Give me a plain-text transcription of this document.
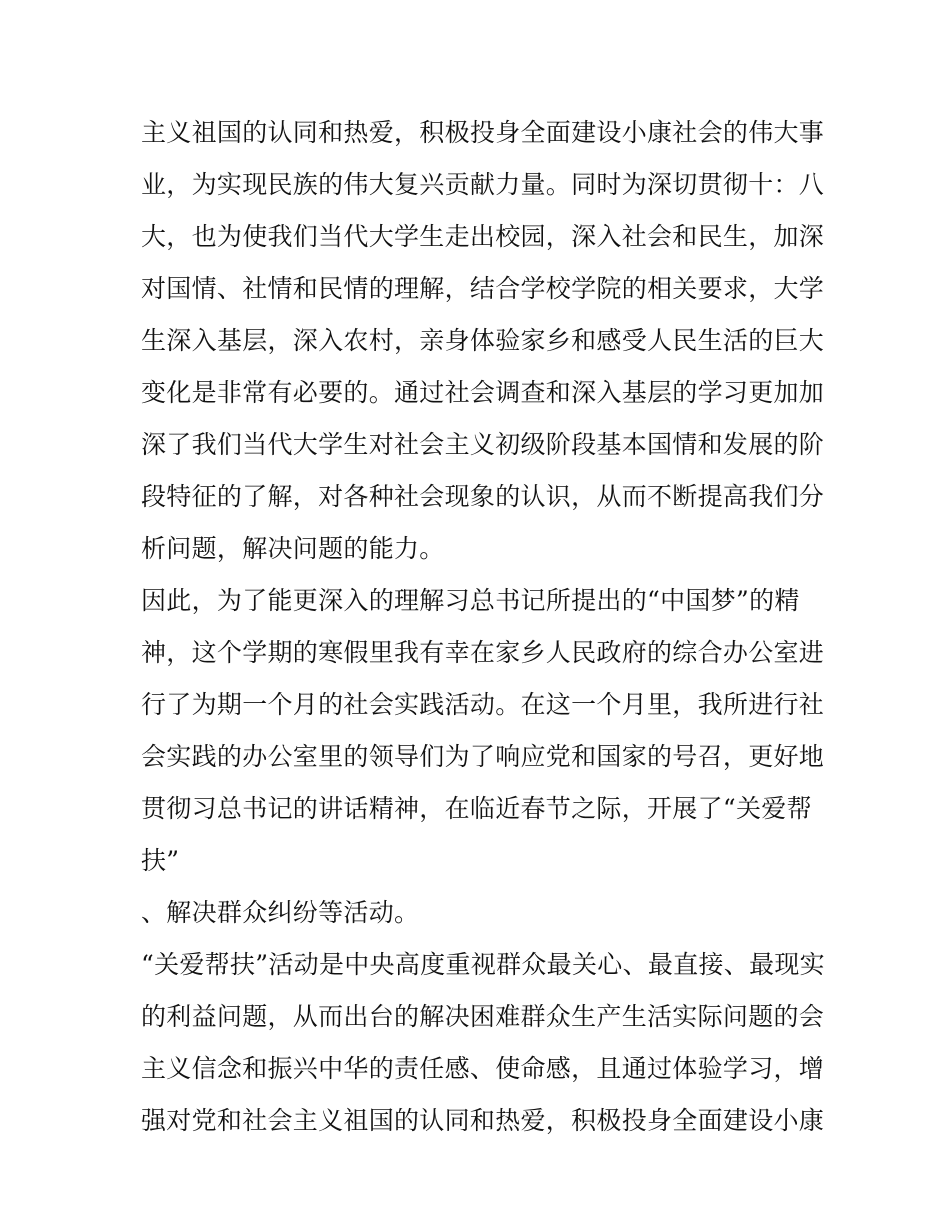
主义祖国的认同和热爱，积极投身全面建设小康社会的伟大事
业，为实现民族的伟大复兴贡献力量。同时为深切贯彻十：八
大，也为使我们当代大学生走出校园，深入社会和民生，加深
对国情、社情和民情的理解，结合学校学院的相关要求，大学
生深入基层，深入农村，亲身体验家乡和感受人民生活的巨大
变化是非常有必要的。通过社会调查和深入基层的学习更加加
深了我们当代大学生对社会主义初级阶段基本国情和发展的阶
段特征的了解，对各种社会现象的认识，从而不断提高我们分
析问题，解决问题的能力。
因此，为了能更深入的理解习总书记所提出的“中国梦”的精
神，这个学期的寒假里我有幸在家乡人民政府的综合办公室进
行了为期一个月的社会实践活动。在这一个月里，我所进行社
会实践的办公室里的领导们为了响应党和国家的号召，更好地
贯彻习总书记的讲话精神，在临近春节之际，开展了“关爱帮
扶”
、解决群众纠纷等活动。
“关爱帮扶”活动是中央高度重视群众最关心、最直接、最现实
的利益问题，从而出台的解决困难群众生产生活实际问题的会
主义信念和振兴中华的责任感、使命感，且通过体验学习，增
强对党和社会主义祖国的认同和热爱，积极投身全面建设小康
